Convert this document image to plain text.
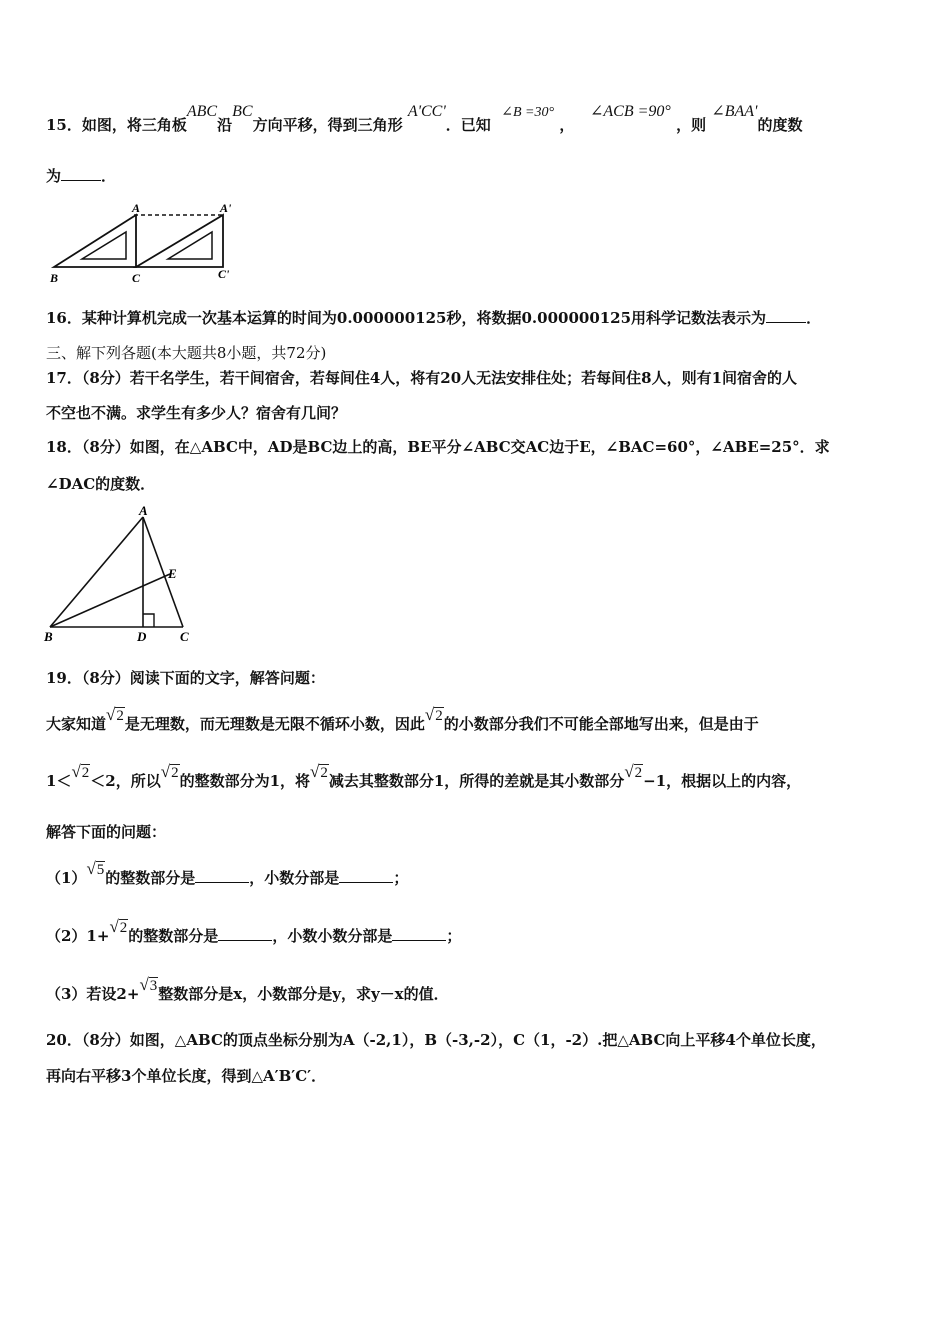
15．如图，将三角板ABC沿BC方向平移，得到三角形 A'CC'．已知  ∠B =30° ，   ∠ACB =90° ，则 ∠BAA'的度数
为	．
A	A'
B	C	C'
16．某种计算机完成一次基本运算的时间为0.000000125秒，将数据0.000000125用科学记数法表示为	．
三、解下列各题(本大题共8小题，共72分)
17．（8分）若干名学生，若干间宿舍，若每间住4人，将有20人无法安排住处；若每间住8人，则有1间宿舍的人
不空也不满。求学生有多少人？宿舍有几间？
18．（8分）如图，在△ABC中，AD是BC边上的高，BE平分∠ABC交AC边于E，∠BAC=60°，∠ABE=25°．求
∠DAC的度数．
A
E
B	D	C
19．（8分）阅读下面的文字，解答问题：
大家知道√2是无理数，而无理数是无限不循环小数，因此√2的小数部分我们不可能全部地写出来，但是由于
1＜√2＜2，所以√2的整数部分为1，将√2减去其整数部分1，所得的差就是其小数部分√2−1，根据以上的内容，
解答下面的问题：
（1）√5的整数部分是	，小数分部是	；
（2）1+√2的整数部分是	，小数小数分部是	；
（3）若设2+√3整数部分是x，小数部分是y，求y－x的值．
20．（8分）如图，△ABC的顶点坐标分别为A（-2,1），B（-3,-2），C（1，-2）.把△ABC向上平移4个单位长度，
再向右平移3个单位长度，得到△A′B′C′．
